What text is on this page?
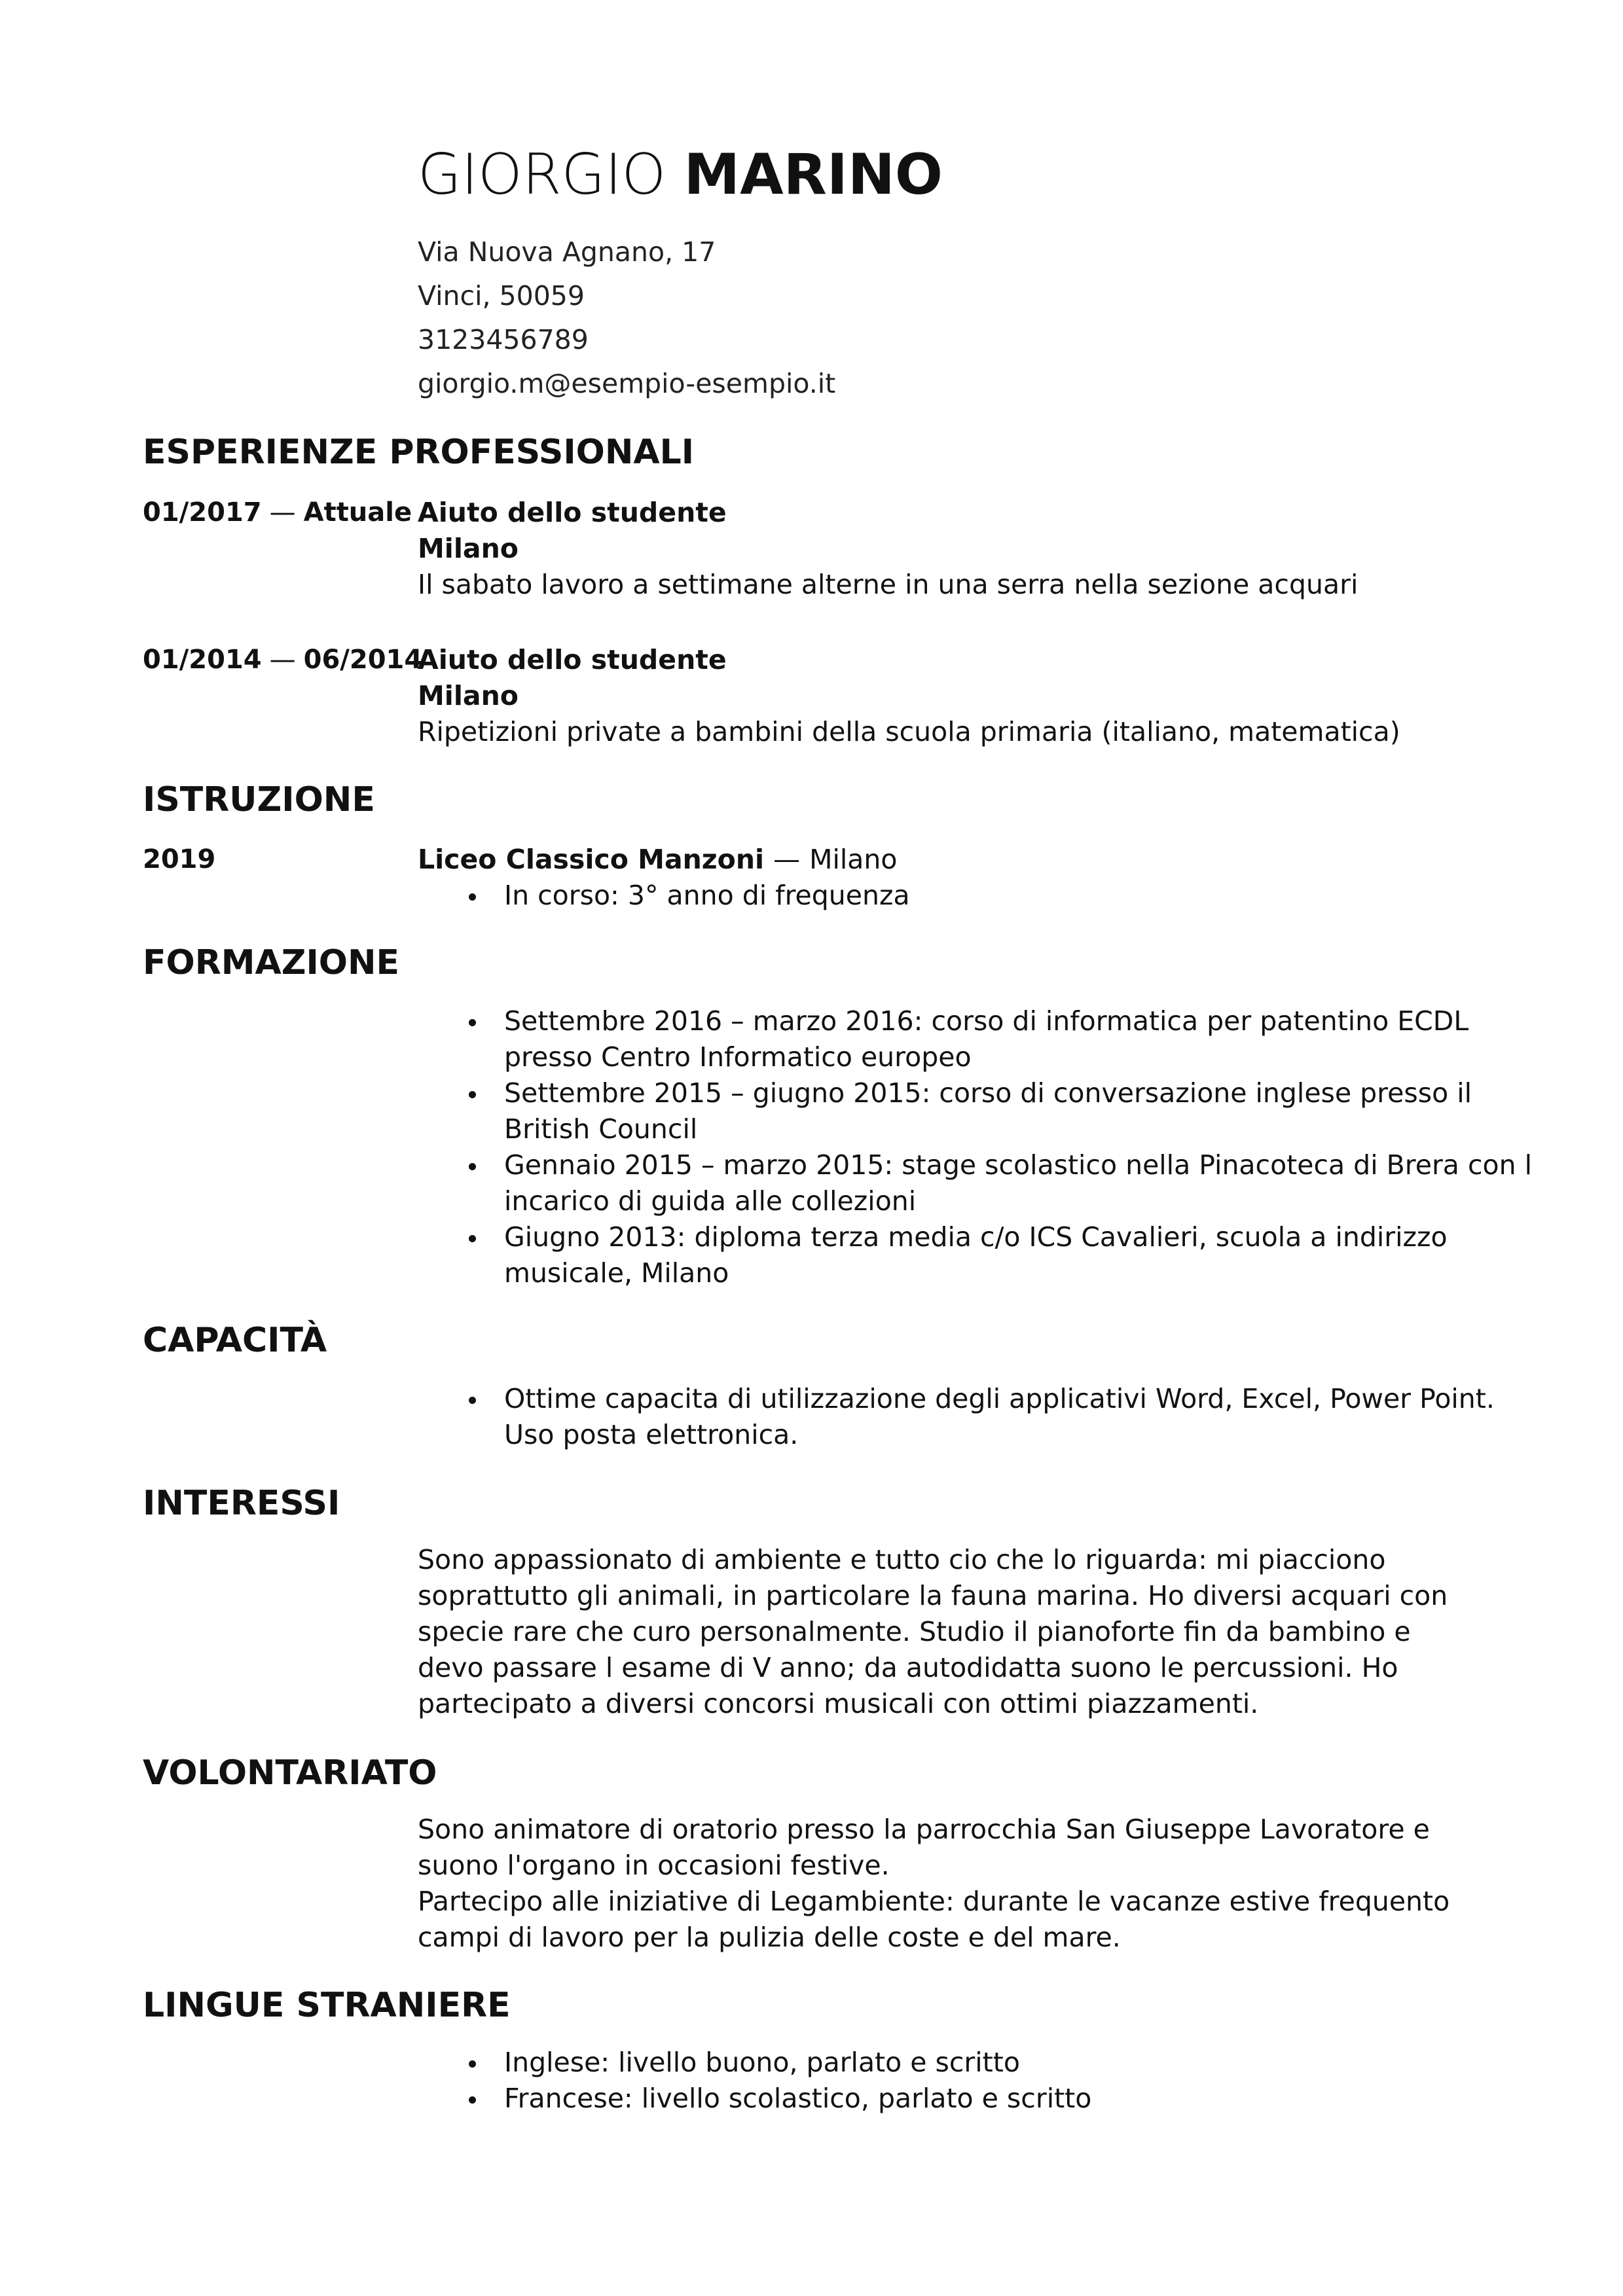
GIORGIO MARINO
Via Nuova Agnano, 17
Vinci, 50059
3123456789
giorgio.m@esempio-esempio.it
ESPERIENZE PROFESSIONALI
01/2017 — Attuale Aiuto dello studente
Milano
Il sabato lavoro a settimane alterne in una serra nella sezione acquari
01/2014 — 06/2014
Aiuto dello studente
Milano
Ripetizioni private a bambini della scuola primaria (italiano, matematica)
ISTRUZIONE
2019	Liceo Classico Manzoni — Milano
In corso: 3° anno di frequenza
FORMAZIONE
Settembre 2016 – marzo 2016: corso di informatica per patentino ECDL presso Centro Informatico europeo
Settembre 2015 – giugno 2015: corso di conversazione inglese presso il British Council
Gennaio 2015 – marzo 2015: stage scolastico nella Pinacoteca di Brera con l incarico di guida alle collezioni
Giugno 2013: diploma terza media c/o ICS Cavalieri, scuola a indirizzo musicale, Milano
CAPACITÀ
Ottime capacita di utilizzazione degli applicativi Word, Excel, Power Point. Uso posta elettronica.
INTERESSI
Sono appassionato di ambiente e tutto cio che lo riguarda: mi piacciono soprattutto gli animali, in particolare la fauna marina. Ho diversi acquari con specie rare che curo personalmente. Studio il pianoforte fin da bambino e devo passare l esame di V anno; da autodidatta suono le percussioni. Ho partecipato a diversi concorsi musicali con ottimi piazzamenti.
VOLONTARIATO
Sono animatore di oratorio presso la parrocchia San Giuseppe Lavoratore e suono l'organo in occasioni festive.
Partecipo alle iniziative di Legambiente: durante le vacanze estive frequento campi di lavoro per la pulizia delle coste e del mare.
LINGUE STRANIERE
Inglese: livello buono, parlato e scritto
Francese: livello scolastico, parlato e scritto
